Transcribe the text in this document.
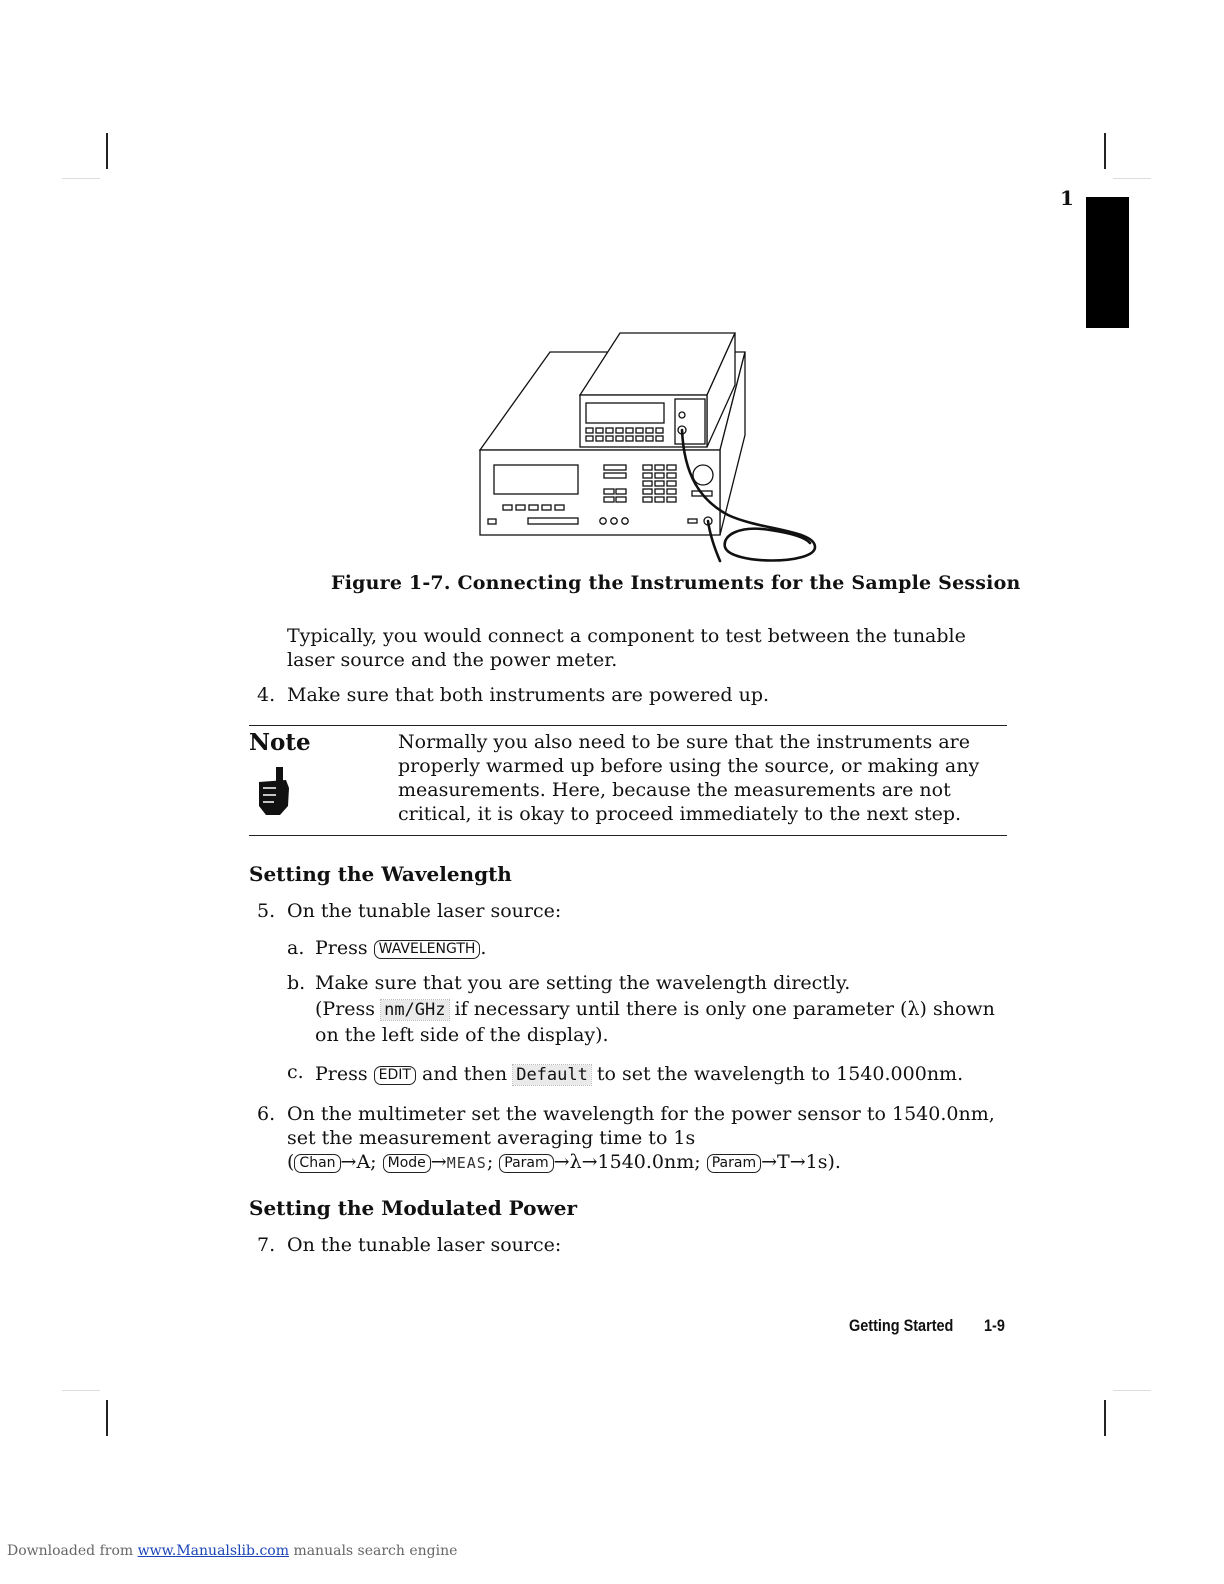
1
Figure 1-7. Connecting the Instruments for the Sample Session
Typically, you would connect a component to test between the tunable laser source and the power meter.
4. Make sure that both instruments are powered up.
Note	Normally you also need to be sure that the instruments are properly warmed up before using the source, or making any measurements. Here, because the measurements are not critical, it is okay to proceed immediately to the next step.
Setting the Wavelength
5. On the tunable laser source:
a. Press WAVELENGTH .
b. Make sure that you are setting the wavelength directly.
(Press nm/GHz if necessary until there is only one parameter (λ) shown
on the left side of the display).
c. Press EDIT and then Default to set the wavelength to 1540.000nm.
6. On the multimeter set the wavelength for the power sensor to 1540.0nm,
set the measurement averaging time to 1s
( Chan →A; Mode →MEAS; Param →λ→1540.0nm; Param →T→1s).
Setting the Modulated Power
7. On the tunable laser source:
Getting Started 1-9
Downloaded from www.Manualslib.com manuals search engine
